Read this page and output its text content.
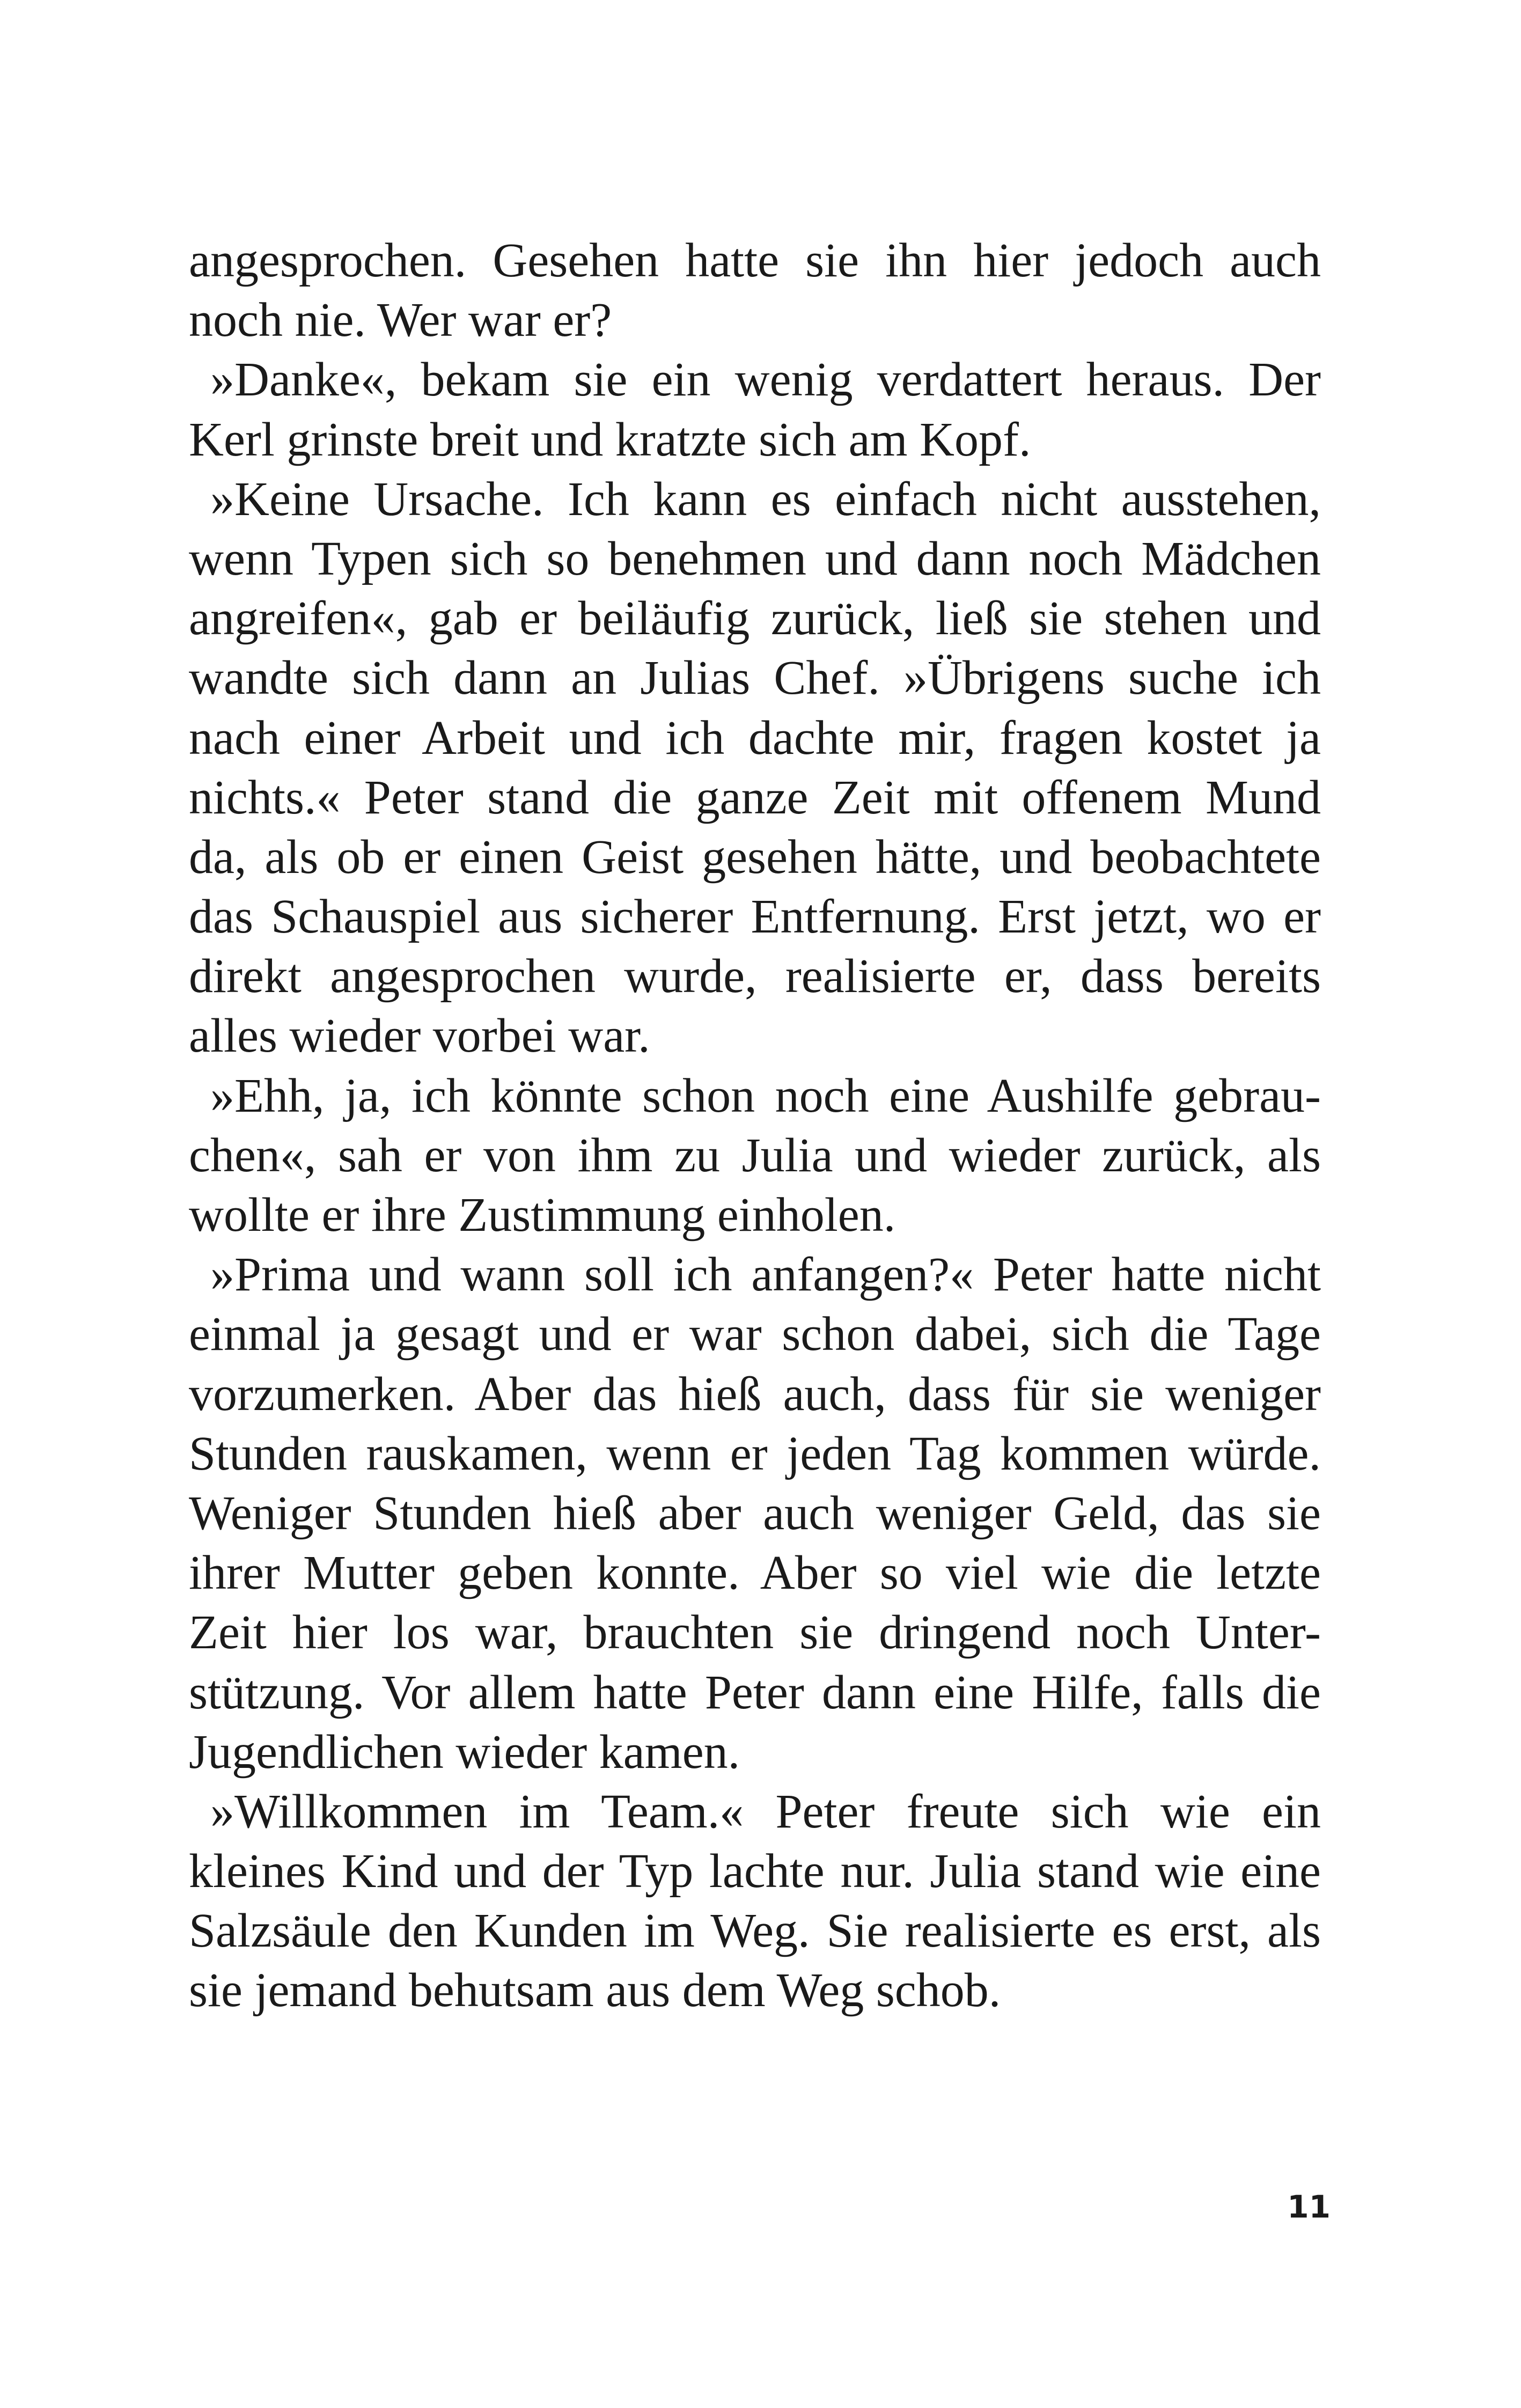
angesprochen. Gesehen hatte sie ihn hier jedoch auch
noch nie. Wer war er?
»Danke«, bekam sie ein wenig verdattert heraus. Der
Kerl grinste breit und kratzte sich am Kopf.
»Keine Ursache. Ich kann es einfach nicht ausstehen,
wenn Typen sich so benehmen und dann noch Mädchen
angreifen«, gab er beiläufig zurück, ließ sie stehen und
wandte sich dann an Julias Chef. »Übrigens suche ich
nach einer Arbeit und ich dachte mir, fragen kostet ja
nichts.« Peter stand die ganze Zeit mit offenem Mund
da, als ob er einen Geist gesehen hätte, und beobachtete
das Schauspiel aus sicherer Entfernung. Erst jetzt, wo er
direkt angesprochen wurde, realisierte er, dass bereits
alles wieder vorbei war.
»Ehh, ja, ich könnte schon noch eine Aushilfe gebrau-
chen«, sah er von ihm zu Julia und wieder zurück, als
wollte er ihre Zustimmung einholen.
»Prima und wann soll ich anfangen?« Peter hatte nicht
einmal ja gesagt und er war schon dabei, sich die Tage
vorzumerken. Aber das hieß auch, dass für sie weniger
Stunden rauskamen, wenn er jeden Tag kommen würde.
Weniger Stunden hieß aber auch weniger Geld, das sie
ihrer Mutter geben konnte. Aber so viel wie die letzte
Zeit hier los war, brauchten sie dringend noch Unter-
stützung. Vor allem hatte Peter dann eine Hilfe, falls die
Jugendlichen wieder kamen.
»Willkommen im Team.« Peter freute sich wie ein
kleines Kind und der Typ lachte nur. Julia stand wie eine
Salzsäule den Kunden im Weg. Sie realisierte es erst, als
sie jemand behutsam aus dem Weg schob.
11
